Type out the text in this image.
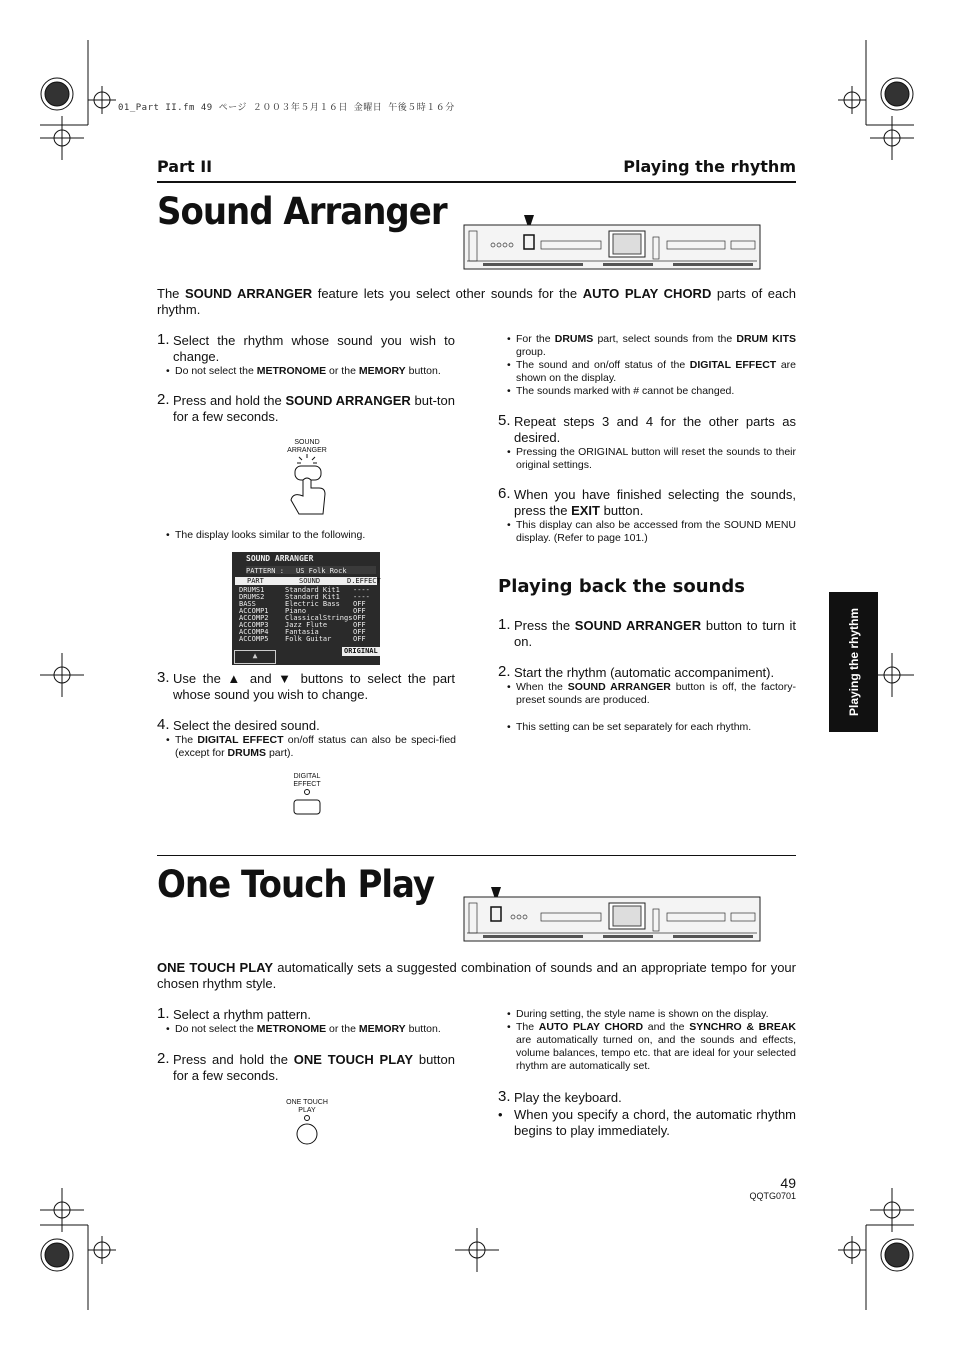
01_Part II.fm 49 ページ ２００３年５月１６日 金曜日 午後５時１６分
Part II	Playing the rhythm
Sound Arranger
The SOUND ARRANGER feature lets you select other sounds for the AUTO PLAY CHORD parts of each rhythm.
1. Select the rhythm whose sound you wish to change.
• Do not select the METRONOME or the MEMORY button.
2. Press and hold the SOUND ARRANGER but-ton for a few seconds.
SOUND
ARRANGER
• The display looks similar to the following.
SOUND ARRANGER
PATTERN : US Folk Rock
PART	SOUND	D.EFFECT
DRUMS1	Standard Kit1 ----
DRUMS2	Standard Kit1 ----
BASS	Electric Bass OFF
ACCOMP1 Piano	OFF
ACCOMP2 ClassicalStrings OFF
ACCOMP3 Jazz Flute	OFF
ACCOMP4 Fantasia	OFF
ACCOMP5 Folk Guitar	OFF
▲	ORIGINAL
3. Use the ▲ and ▼ buttons to select the part whose sound you wish to change.
4. Select the desired sound.
• The DIGITAL EFFECT on/off status can also be speci-fied (except for DRUMS part).
DIGITAL
EFFECT
• For the DRUMS part, select sounds from the DRUM KITS group.
• The sound and on/off status of the DIGITAL EFFECT are shown on the display.
• The sounds marked with # cannot be changed.
5. Repeat steps 3 and 4 for the other parts as desired.
• Pressing the ORIGINAL button will reset the sounds to their original settings.
6. When you have finished selecting the sounds, press the EXIT button.
• This display can also be accessed from the SOUND MENU display. (Refer to page 101.)
Playing back the sounds
1. Press the SOUND ARRANGER button to turn it on.
2. Start the rhythm (automatic accompaniment).
• When the SOUND ARRANGER button is off, the factory-preset sounds are produced.
• This setting can be set separately for each rhythm.
Playing the rhythm
One Touch Play
ONE TOUCH PLAY automatically sets a suggested combination of sounds and an appropriate tempo for your chosen rhythm style.
1. Select a rhythm pattern.
• Do not select the METRONOME or the MEMORY button.
2. Press and hold the ONE TOUCH PLAY button for a few seconds.
ONE TOUCH
PLAY
• During setting, the style name is shown on the display.
• The AUTO PLAY CHORD and the SYNCHRO & BREAK are automatically turned on, and the sounds and effects, volume balances, tempo etc. that are ideal for your selected rhythm are automatically set.
3. Play the keyboard.
• When you specify a chord, the automatic rhythm begins to play immediately.
49
QQTG0701
